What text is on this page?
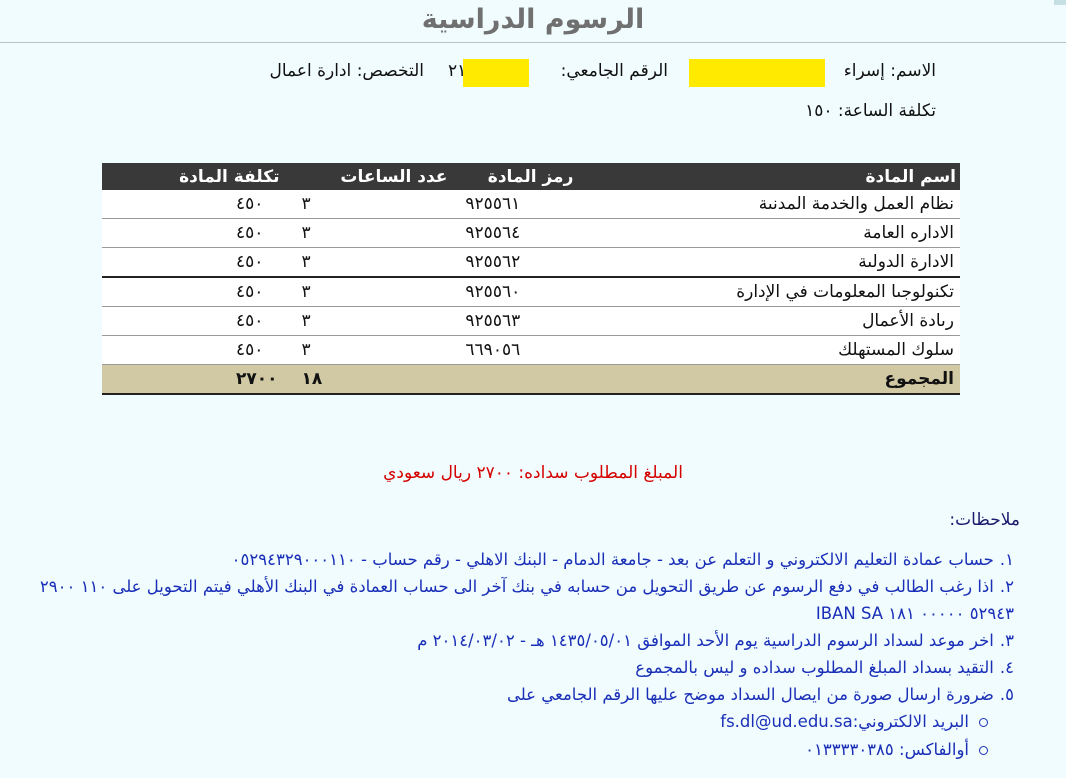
الرسوم الدراسية
الاسم: إسراء
الرقم الجامعي:
٢١
التخصص: ادارة اعمال
تكلفة الساعة: ١٥٠
اسم المادة	رمز المادة	عدد الساعات	تكلفة المادة
نظام العمل والخدمة المدنىة	٩٢٥٥٦١	٣	٤٥٠
الاداره العامة	٩٢٥٥٦٤	٣	٤٥٠
الادارة الدولىة	٩٢٥٥٦٢	٣	٤٥٠
تكنولوجىا المعلومات في الإدارة	٩٢٥٥٦٠	٣	٤٥٠
رىادة الأعمال	٩٢٥٥٦٣	٣	٤٥٠
سلوك المستهلك	٦٦٩٠٥٦	٣	٤٥٠
المجموع		١٨	٢٧٠٠
المبلغ المطلوب سداده: ٢٧٠٠ ريال سعودي
ملاحظات:
١.حساب عمادة التعليم الالكتروني و التعلم عن بعد - جامعة الدمام - البنك الاهلي - رقم حساب - ٠٥٢٩٤٣٢٩٠٠٠١١٠
٢.اذا رغب الطالب في دفع الرسوم عن طريق التحويل من حسابه في بنك آخر الى حساب العمادة في البنك الأهلي فيتم التحويل على ١١٠ ٢٩٠٠ ٥٢٩٤٣ ٠٠٠٠٠ ١٨١ IBAN SA
٣.اخر موعد لسداد الرسوم الدراسية يوم الأحد الموافق ١٤٣٥/٠٥/٠١ هـ - ٢٠١٤/٠٣/٠٢ م
٤.التقيد بسداد المبلغ المطلوب سداده و ليس بالمجموع
٥.ضرورة ارسال صورة من ايصال السداد موضح عليها الرقم الجامعي على
البريد الالكتروني:fs.dl@ud.edu.sa
أوالفاكس: ٠١٣٣٣٣٠٣٨٥
